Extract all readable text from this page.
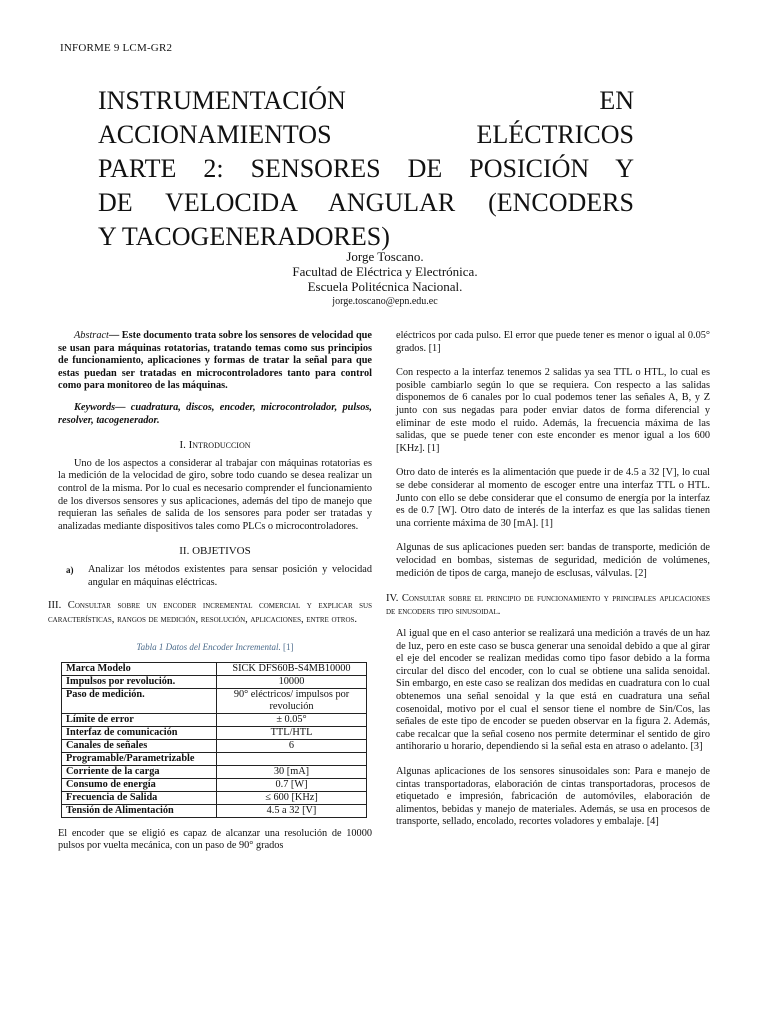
INFORME 9 LCM-GR2
INSTRUMENTACIÓN EN
ACCIONAMIENTOS ELÉCTRICOS
PARTE 2: SENSORES DE POSICIÓN Y
DE VELOCIDA ANGULAR (ENCODERS
Y TACOGENERADORES)
Jorge Toscano.
Facultad de Eléctrica y Electrónica.
Escuela Politécnica Nacional.
jorge.toscano@epn.edu.ec

Abstract— Este documento trata sobre los sensores de velocidad que se usan para máquinas rotatorias, tratando temas como sus principios de funcionamiento, aplicaciones y formas de tratar la señal para que estas puedan ser tratadas en microcontroladores tanto para control como para monitoreo de las máquinas.

Keywords— cuadratura, discos, encoder, microcontrolador, pulsos, resolver, tacogenerador.

I. Introduccion

Uno de los aspectos a considerar al trabajar con máquinas rotatorias es la medición de la velocidad de giro, sobre todo cuando se desea realizar un control de la misma. Por lo cual es necesario comprender el funcionamiento de los diversos sensores y sus aplicaciones, además del tipo de manejo que requieran las señales de salida de los sensores para poder ser tratadas y analizadas mediante dispositivos tales como PLCs o microcontroladores.

II. OBJETIVOS
a) Analizar los métodos existentes para sensar posición y velocidad angular en máquinas eléctricas.
III. Consultar sobre un encoder incremental comercial y explicar sus características, rangos de medición, resolución, aplicaciones, entre otros.
Tabla 1 Datos del Encoder Incremental. [1]
Marca Modelo	SICK DFS60B-S4MB10000
Impulsos por revolución.	10000
Paso de medición.	90° eléctricos/ impulsos por revolución
Límite de error	± 0.05°
Interfaz de comunicación	TTL/HTL
Canales de señales	6
Programable/Parametrizable	
Corriente de la carga	30 [mA]
Consumo de energía	0.7 [W]
Frecuencia de Salida	≤ 600 [KHz]
Tensión de Alimentación	4.5 a 32 [V]

El encoder que se eligió es capaz de alcanzar una resolución de 10000 pulsos por vuelta mecánica, con un paso de 90° grados

eléctricos por cada pulso. El error que puede tener es menor o igual al 0.05° grados. [1]

Con respecto a la interfaz tenemos 2 salidas ya sea TTL o HTL, lo cual es posible cambiarlo según lo que se requiera. Con respecto a las salidas disponemos de 6 canales por lo cual podemos tener las señales A, B, y Z junto con sus negadas para poder enviar datos de forma diferencial y eliminar de este modo el ruido. Además, la frecuencia máxima de las salidas, que se puede tener con este enconder es menor igual a los 600 [KHz]. [1]

Otro dato de interés es la alimentación que puede ir de 4.5 a 32 [V], lo cual se debe considerar al momento de escoger entre una interfaz TTL o HTL. Junto con ello se debe considerar que el consumo de energía por la interfaz es de 0.7 [W]. Otro dato de interés de la interfaz es que las salidas tienen una corriente máxima de 30 [mA]. [1]

Algunas de sus aplicaciones pueden ser: bandas de transporte, medición de velocidad en bombas, sistemas de seguridad, medición de volúmenes, medición de tipos de carga, manejo de esclusas, válvulas. [2]

IV. Consultar sobre el principio de funcionamiento y principales aplicaciones de encoders tipo sinusoidal.

Al igual que en el caso anterior se realizará una medición a través de un haz de luz, pero en este caso se busca generar una senoidal debido a que al girar el eje del encoder se realizan medidas como tipo fasor debido a la forma circular del disco del encoder, con lo cual se obtiene una salida senoidal. Sin embargo, en este caso se realizan dos medidas en cuadratura con lo cual obtenemos una señal senoidal y la que está en cuadratura una señal cosenoidal, motivo por el cual el sensor tiene el nombre de Sin/Cos, las señales de este tipo de encoder se pueden observar en la figura 2. Además, cabe recalcar que la señal coseno nos permite determinar el sentido de giro antihorario u horario, dependiendo si la señal esta en atraso o adelanto. [3]

Algunas aplicaciones de los sensores sinusoidales son: Para e manejo de cintas transportadoras, elaboración de cintas transportadoras, procesos de etiquetado e impresión, fabricación de automóviles, elaboración de alimentos, bebidas y manejo de materiales. Además, se usa en procesos de transporte, sellado, encolado, recortes voladores y embalaje. [4]
